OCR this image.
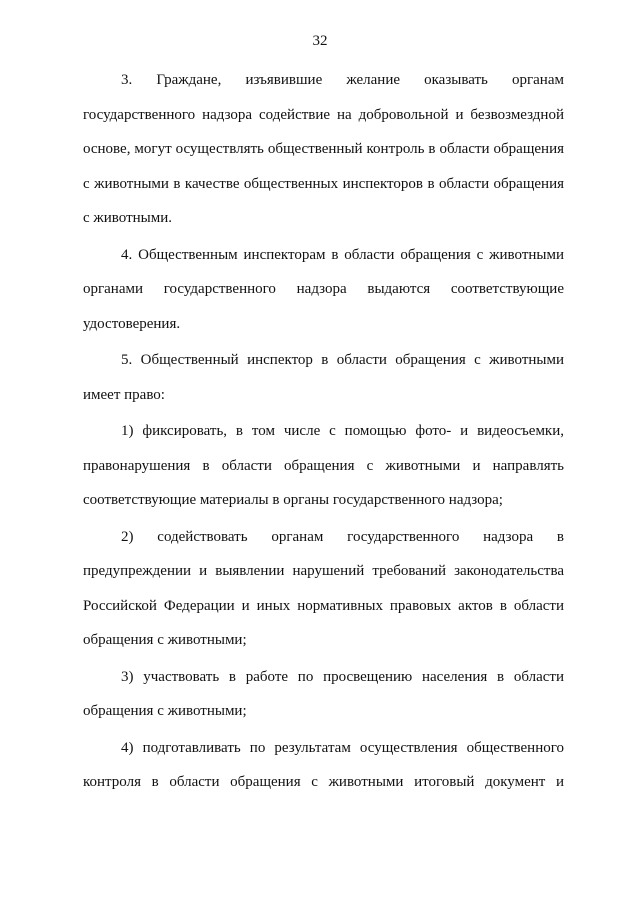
32

3. Граждане, изъявившие желание оказывать органам государственного надзора содействие на добровольной и безвозмездной основе, могут осуществлять общественный контроль в области обращения с животными в качестве общественных инспекторов в области обращения с животными.

4. Общественным инспекторам в области обращения с животными органами государственного надзора выдаются соответствующие удостоверения.

5. Общественный инспектор в области обращения с животными имеет право:

1) фиксировать, в том числе с помощью фото- и видеосъемки, правонарушения в области обращения с животными и направлять соответствующие материалы в органы государственного надзора;

2) содействовать органам государственного надзора в предупреждении и выявлении нарушений требований законодательства Российской Федерации и иных нормативных правовых актов в области обращения с животными;

3) участвовать в работе по просвещению населения в области обращения с животными;

4) подготавливать по результатам осуществления общественного контроля в области обращения с животными итоговый документ и
